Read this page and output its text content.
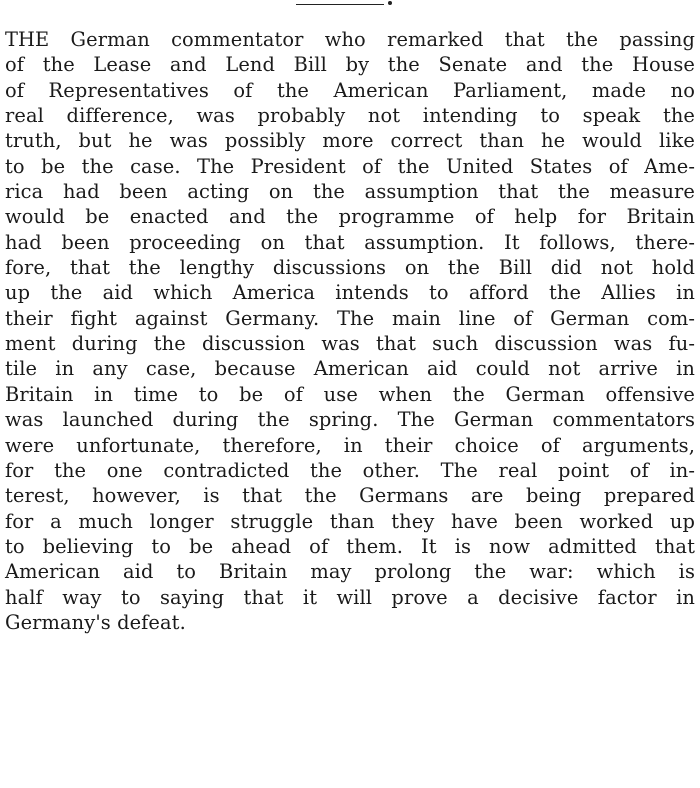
THE German commentator who remarked that the passing
of the Lease and Lend Bill by the Senate and the House
of Representatives of the American Parliament, made no
real difference, was probably not intending to speak the
truth, but he was possibly more correct than he would like
to be the case. The President of the United States of Ame-
rica had been acting on the assumption that the measure
would be enacted and the programme of help for Britain
had been proceeding on that assumption. It follows, there-
fore, that the lengthy discussions on the Bill did not hold
up the aid which America intends to afford the Allies in
their fight against Germany. The main line of German com-
ment during the discussion was that such discussion was fu-
tile in any case, because American aid could not arrive in
Britain in time to be of use when the German offensive
was launched during the spring. The German commentators
were unfortunate, therefore, in their choice of arguments,
for the one contradicted the other. The real point of in-
terest, however, is that the Germans are being prepared
for a much longer struggle than they have been worked up
to believing to be ahead of them. It is now admitted that
American aid to Britain may prolong the war: which is
half way to saying that it will prove a decisive factor in
Germany's defeat.
